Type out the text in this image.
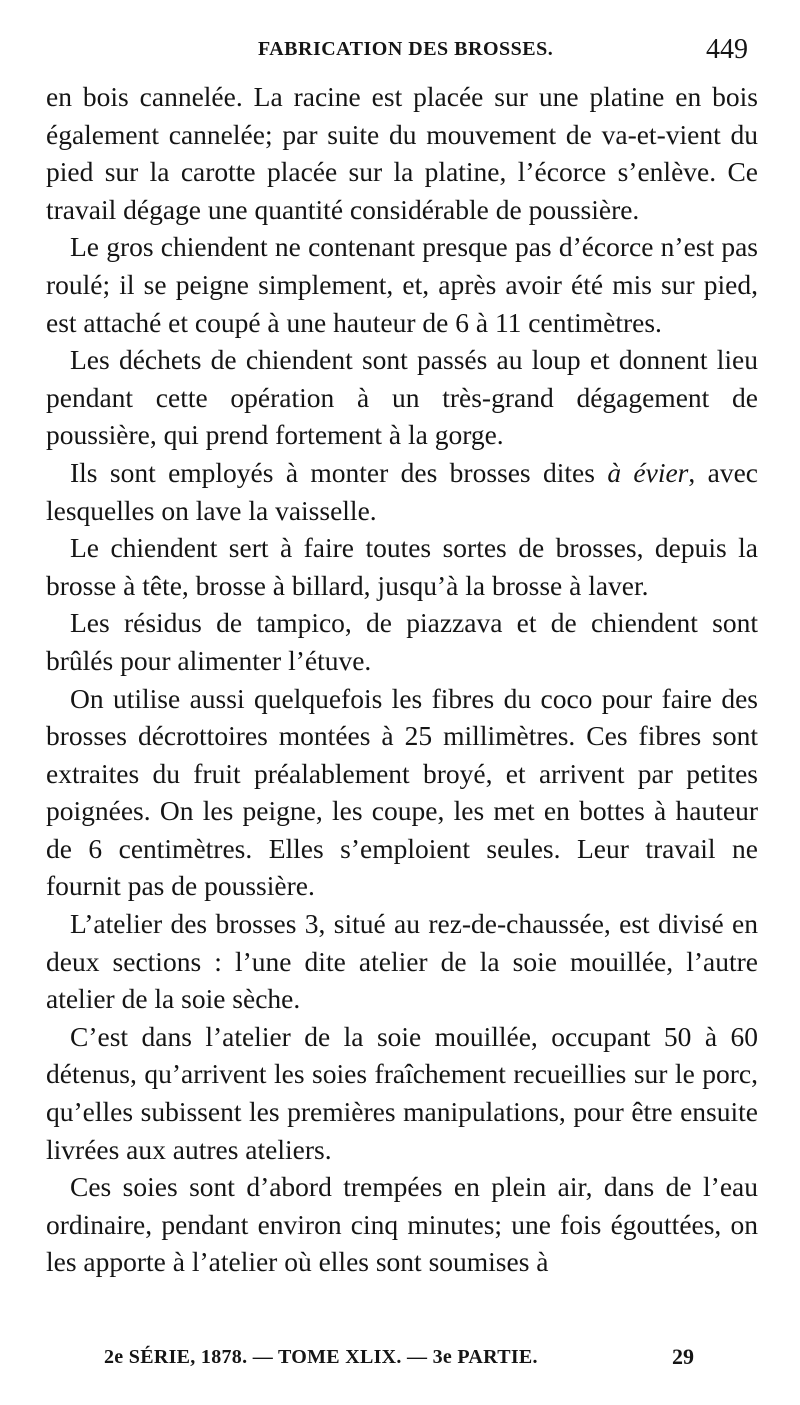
FABRICATION DES BROSSES.	449

en bois cannelée. La racine est placée sur une platine en bois également cannelée; par suite du mouvement de va-et-vient du pied sur la carotte placée sur la platine, l’écorce s’enlève. Ce travail dégage une quantité considérable de poussière.

Le gros chiendent ne contenant presque pas d’écorce n’est pas roulé; il se peigne simplement, et, après avoir été mis sur pied, est attaché et coupé à une hauteur de 6 à 11 centimètres.

Les déchets de chiendent sont passés au loup et donnent lieu pendant cette opération à un très-grand dégagement de poussière, qui prend fortement à la gorge.

Ils sont employés à monter des brosses dites à évier, avec lesquelles on lave la vaisselle.

Le chiendent sert à faire toutes sortes de brosses, depuis la brosse à tête, brosse à billard, jusqu’à la brosse à laver.

Les résidus de tampico, de piazzava et de chiendent sont brûlés pour alimenter l’étuve.

On utilise aussi quelquefois les fibres du coco pour faire des brosses décrottoires montées à 25 millimètres. Ces fibres sont extraites du fruit préalablement broyé, et arrivent par petites poignées. On les peigne, les coupe, les met en bottes à hauteur de 6 centimètres. Elles s’emploient seules. Leur travail ne fournit pas de poussière.

L’atelier des brosses 3, situé au rez-de-chaussée, est divisé en deux sections : l’une dite atelier de la soie mouillée, l’autre atelier de la soie sèche.

C’est dans l’atelier de la soie mouillée, occupant 50 à 60 détenus, qu’arrivent les soies fraîchement recueillies sur le porc, qu’elles subissent les premières manipulations, pour être ensuite livrées aux autres ateliers.

Ces soies sont d’abord trempées en plein air, dans de l’eau ordinaire, pendant environ cinq minutes; une fois égouttées, on les apporte à l’atelier où elles sont soumises à

2e SÉRIE, 1878. — TOME XLIX. — 3e PARTIE.	29
